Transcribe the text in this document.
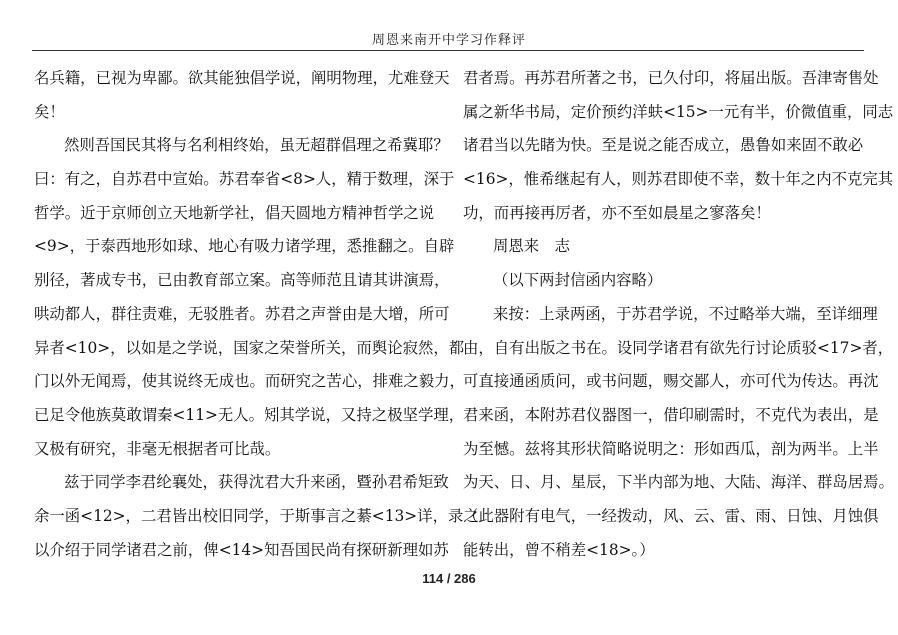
周恩来南开中学习作释评
名兵籍，已视为卑鄙。欲其能独倡学说，阐明物理，尤难登天
矣！
然则吾国民其将与名利相终始，虽无超群倡理之希冀耶？
曰：有之，自苏君中宣始。苏君奉省<8>人，精于数理，深于
哲学。近于京师创立天地新学社，倡天圆地方精神哲学之说
<9>，于泰西地形如球、地心有吸力诸学理，悉推翻之。自辟
别径，著成专书，已由教育部立案。高等师范且请其讲演焉，
哄动都人，群往责难，无驳胜者。苏君之声誉由是大增，所可
异者<10>，以如是之学说，国家之荣誉所关，而舆论寂然，都
门以外无闻焉，使其说终无成也。而研究之苦心，排难之毅力，
已足令他族莫敢谓秦<11>无人。矧其学说，又持之极坚学理，
又极有研究，非毫无根据者可比哉。
兹于同学李君纶襄处，获得沈君大升来函，暨孙君希矩致
余一函<12>，二君皆出校旧同学，于斯事言之綦<13>详，录之
以介绍于同学诸君之前，俾<14>知吾国民尚有探研新理如苏
君者焉。再苏君所著之书，已久付印，将届出版。吾津寄售处
属之新华书局，定价预约洋蚨<15>一元有半，价微值重，同志
诸君当以先睹为快。至是说之能否成立，愚鲁如来固不敢必
<16>，惟希继起有人，则苏君即使不幸，数十年之内不克完其
功，而再接再厉者，亦不至如晨星之寥落矣！
周恩来　志
（以下两封信函内容略）
来按：上录两函，于苏君学说，不过略举大端，至详细理
由，自有出版之书在。设同学诸君有欲先行讨论质驳<17>者，
可直接通函质问，或书问题，赐交鄙人，亦可代为传达。再沈
君来函，本附苏君仪器图一，借印刷需时，不克代为表出，是
为至憾。兹将其形状简略说明之：形如西瓜，剖为两半。上半
为天、日、月、星辰，下半内部为地、大陆、海洋、群岛居焉。
（此器附有电气，一经拨动，风、云、雷、雨、日蚀、月蚀俱
能转出，曾不稍差<18>。）
114 / 286
